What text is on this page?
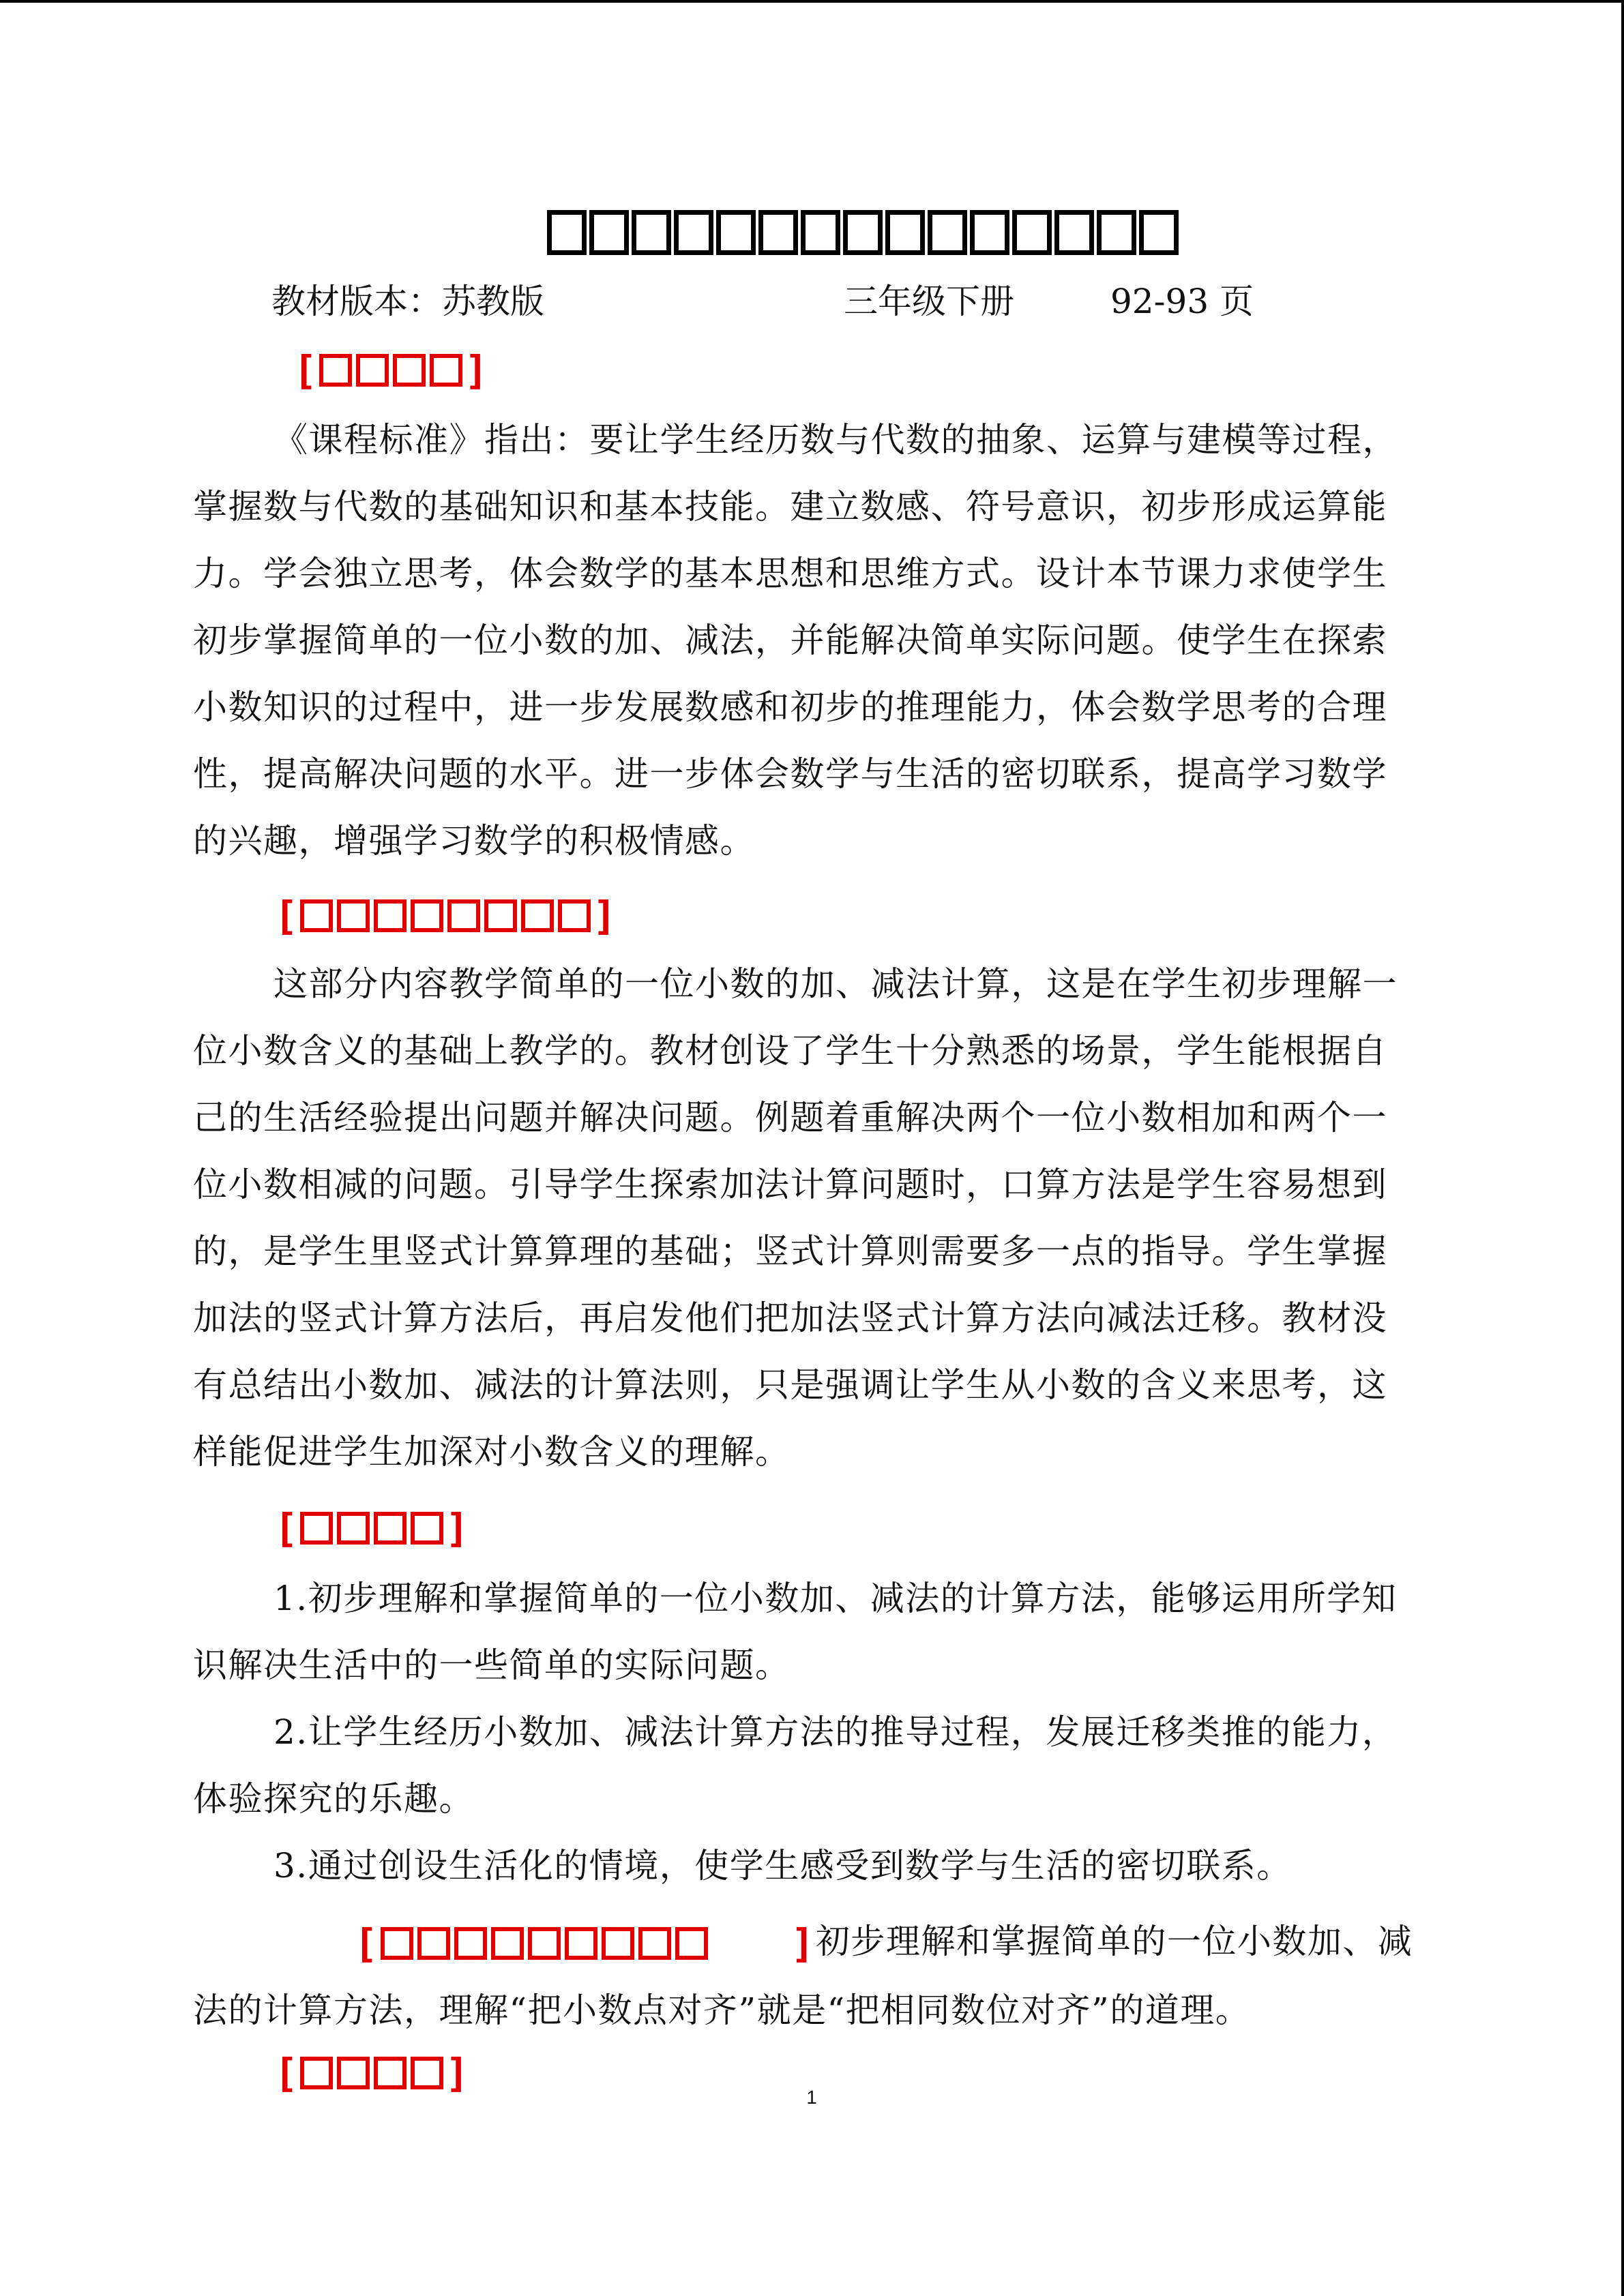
教材版本：苏教版	三年级下册	92-93 页
[	]

《课程标准》指出：要让学生经历数与代数的抽象、运算与建模等过程，掌握数与代数的基础知识和基本技能。建立数感、符号意识，初步形成运算能力。学会独立思考，体会数学的基本思想和思维方式。设计本节课力求使学生初步掌握简单的一位小数的加、减法，并能解决简单实际问题。使学生在探索小数知识的过程中，进一步发展数感和初步的推理能力，体会数学思考的合理性，提高解决问题的水平。进一步体会数学与生活的密切联系，提高学习数学的兴趣，增强学习数学的积极情感。

[	]

这部分内容教学简单的一位小数的加、减法计算，这是在学生初步理解一位小数含义的基础上教学的。教材创设了学生十分熟悉的场景，学生能根据自己的生活经验提出问题并解决问题。例题着重解决两个一位小数相加和两个一位小数相减的问题。引导学生探索加法计算问题时，口算方法是学生容易想到的，是学生里竖式计算算理的基础；竖式计算则需要多一点的指导。学生掌握加法的竖式计算方法后，再启发他们把加法竖式计算方法向减法迁移。教材没有总结出小数加、减法的计算法则，只是强调让学生从小数的含义来思考，这样能促进学生加深对小数含义的理解。

[	]

1.初步理解和掌握简单的一位小数加、减法的计算方法，能够运用所学知识解决生活中的一些简单的实际问题。

2.让学生经历小数加、减法计算方法的推导过程，发展迁移类推的能力，体验探究的乐趣。

3.通过创设生活化的情境，使学生感受到数学与生活的密切联系。

[	] 初步理解和掌握简单的一位小数加、减法的计算方法，理解“把小数点对齐”就是“把相同数位对齐”的道理。

[	]
1
